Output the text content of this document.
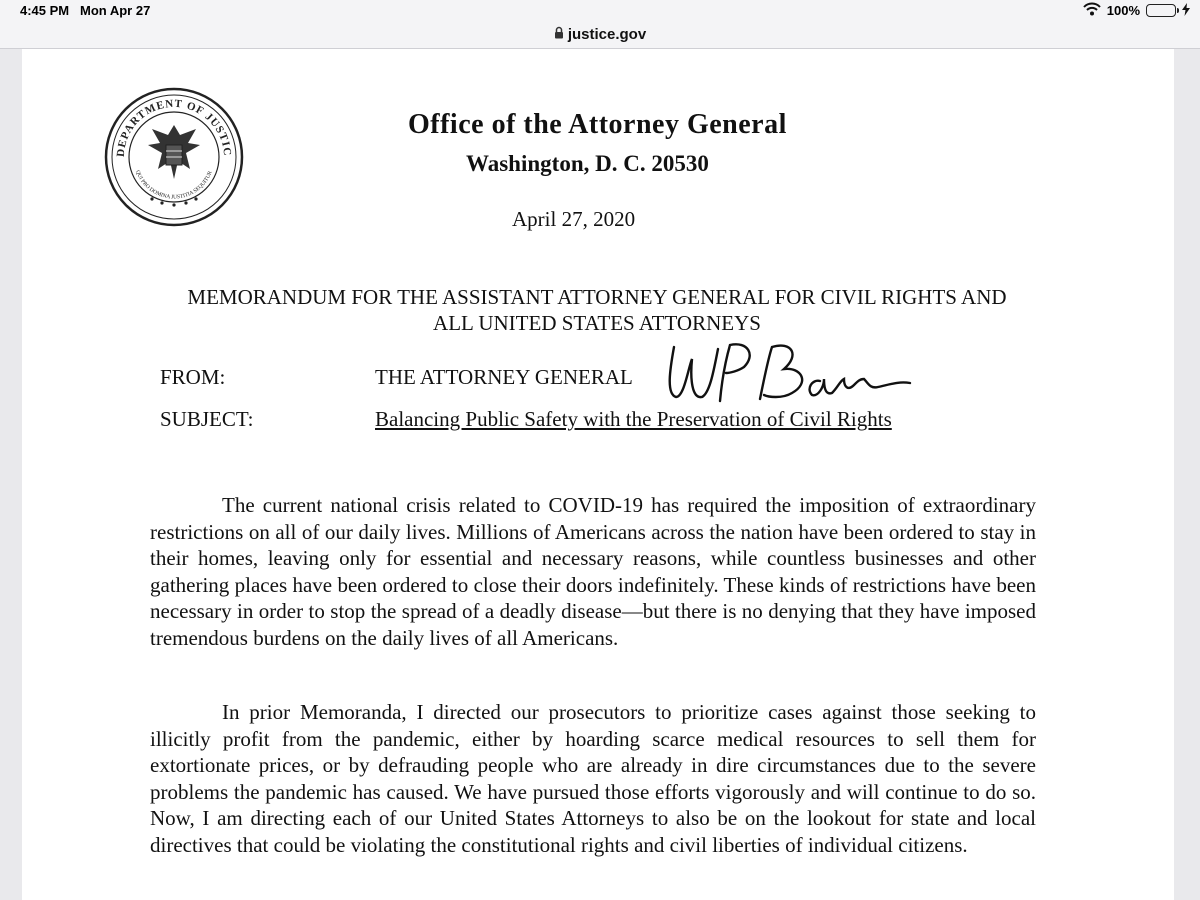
4:45 PM Mon Apr 27	100%
justice.gov
DEPARTMENT OF JUSTIC
QUI PRO DOMINA JUSTITIA SEQUITUR
Office of the Attorney General
Washington, D. C. 20530
April 27, 2020
MEMORANDUM FOR THE ASSISTANT ATTORNEY GENERAL FOR CIVIL RIGHTS AND
ALL UNITED STATES ATTORNEYS
FROM:	THE ATTORNEY GENERAL
SUBJECT:	Balancing Public Safety with the Preservation of Civil Rights

The current national crisis related to COVID-19 has required the imposition of extraordinary restrictions on all of our daily lives. Millions of Americans across the nation have been ordered to stay in their homes, leaving only for essential and necessary reasons, while countless businesses and other gathering places have been ordered to close their doors indefinitely. These kinds of restrictions have been necessary in order to stop the spread of a deadly disease—but there is no denying that they have imposed tremendous burdens on the daily lives of all Americans.

In prior Memoranda, I directed our prosecutors to prioritize cases against those seeking to illicitly profit from the pandemic, either by hoarding scarce medical resources to sell them for extortionate prices, or by defrauding people who are already in dire circumstances due to the severe problems the pandemic has caused. We have pursued those efforts vigorously and will continue to do so. Now, I am directing each of our United States Attorneys to also be on the lookout for state and local directives that could be violating the constitutional rights and civil liberties of individual citizens.
